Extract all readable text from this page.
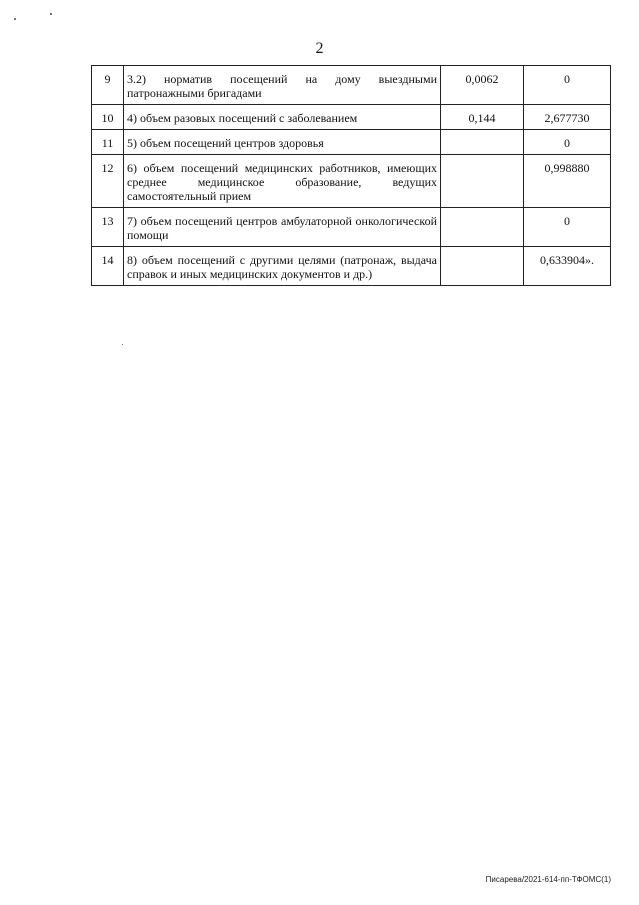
2
9	3.2) норматив посещений на дому выездными патронажными бригадами	0,0062	0
10	4) объем разовых посещений с заболеванием	0,144	2,677730
11	5) объем посещений центров здоровья		0
12	6) объем посещений медицинских работников, имеющих среднее медицинское образование, ведущих самостоятельный прием		0,998880
13	7) объем посещений центров амбулаторной онкологической помощи		0
14	8) объем посещений с другими целями (патронаж, выдача справок и иных медицинских документов и др.)		0,633904».
Писарева/2021-614-пп-ТФОМС(1)
